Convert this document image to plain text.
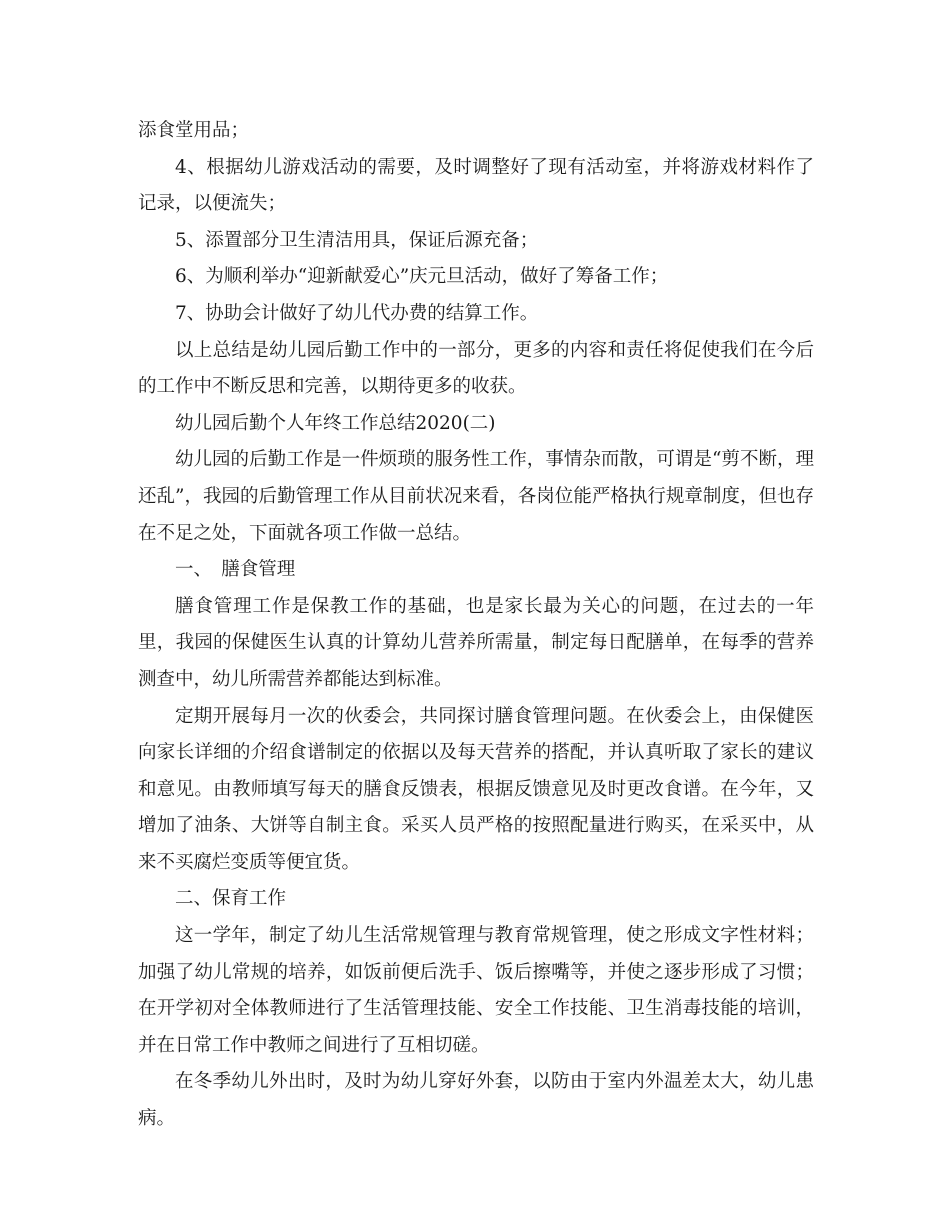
添食堂用品；

4、根据幼儿游戏活动的需要，及时调整好了现有活动室，并将游戏材料作了记录，以便流失；

5、添置部分卫生清洁用具，保证后源充备；

6、为顺利举办“迎新献爱心”庆元旦活动，做好了筹备工作；

7、协助会计做好了幼儿代办费的结算工作。

以上总结是幼儿园后勤工作中的一部分，更多的内容和责任将促使我们在今后的工作中不断反思和完善，以期待更多的收获。

幼儿园后勤个人年终工作总结2020(二)

幼儿园的后勤工作是一件烦琐的服务性工作，事情杂而散，可谓是“剪不断，理还乱”，我园的后勤管理工作从目前状况来看，各岗位能严格执行规章制度，但也存在不足之处，下面就各项工作做一总结。

一、　膳食管理

膳食管理工作是保教工作的基础，也是家长最为关心的问题，在过去的一年里，我园的保健医生认真的计算幼儿营养所需量，制定每日配膳单，在每季的营养测查中，幼儿所需营养都能达到标准。

定期开展每月一次的伙委会，共同探讨膳食管理问题。在伙委会上，由保健医向家长详细的介绍食谱制定的依据以及每天营养的搭配，并认真听取了家长的建议和意见。由教师填写每天的膳食反馈表，根据反馈意见及时更改食谱。在今年，又增加了油条、大饼等自制主食。采买人员严格的按照配量进行购买，在采买中，从来不买腐烂变质等便宜货。

二、保育工作

这一学年，制定了幼儿生活常规管理与教育常规管理，使之形成文字性材料；加强了幼儿常规的培养，如饭前便后洗手、饭后擦嘴等，并使之逐步形成了习惯；在开学初对全体教师进行了生活管理技能、安全工作技能、卫生消毒技能的培训，并在日常工作中教师之间进行了互相切磋。

在冬季幼儿外出时，及时为幼儿穿好外套，以防由于室内外温差太大，幼儿患病。
